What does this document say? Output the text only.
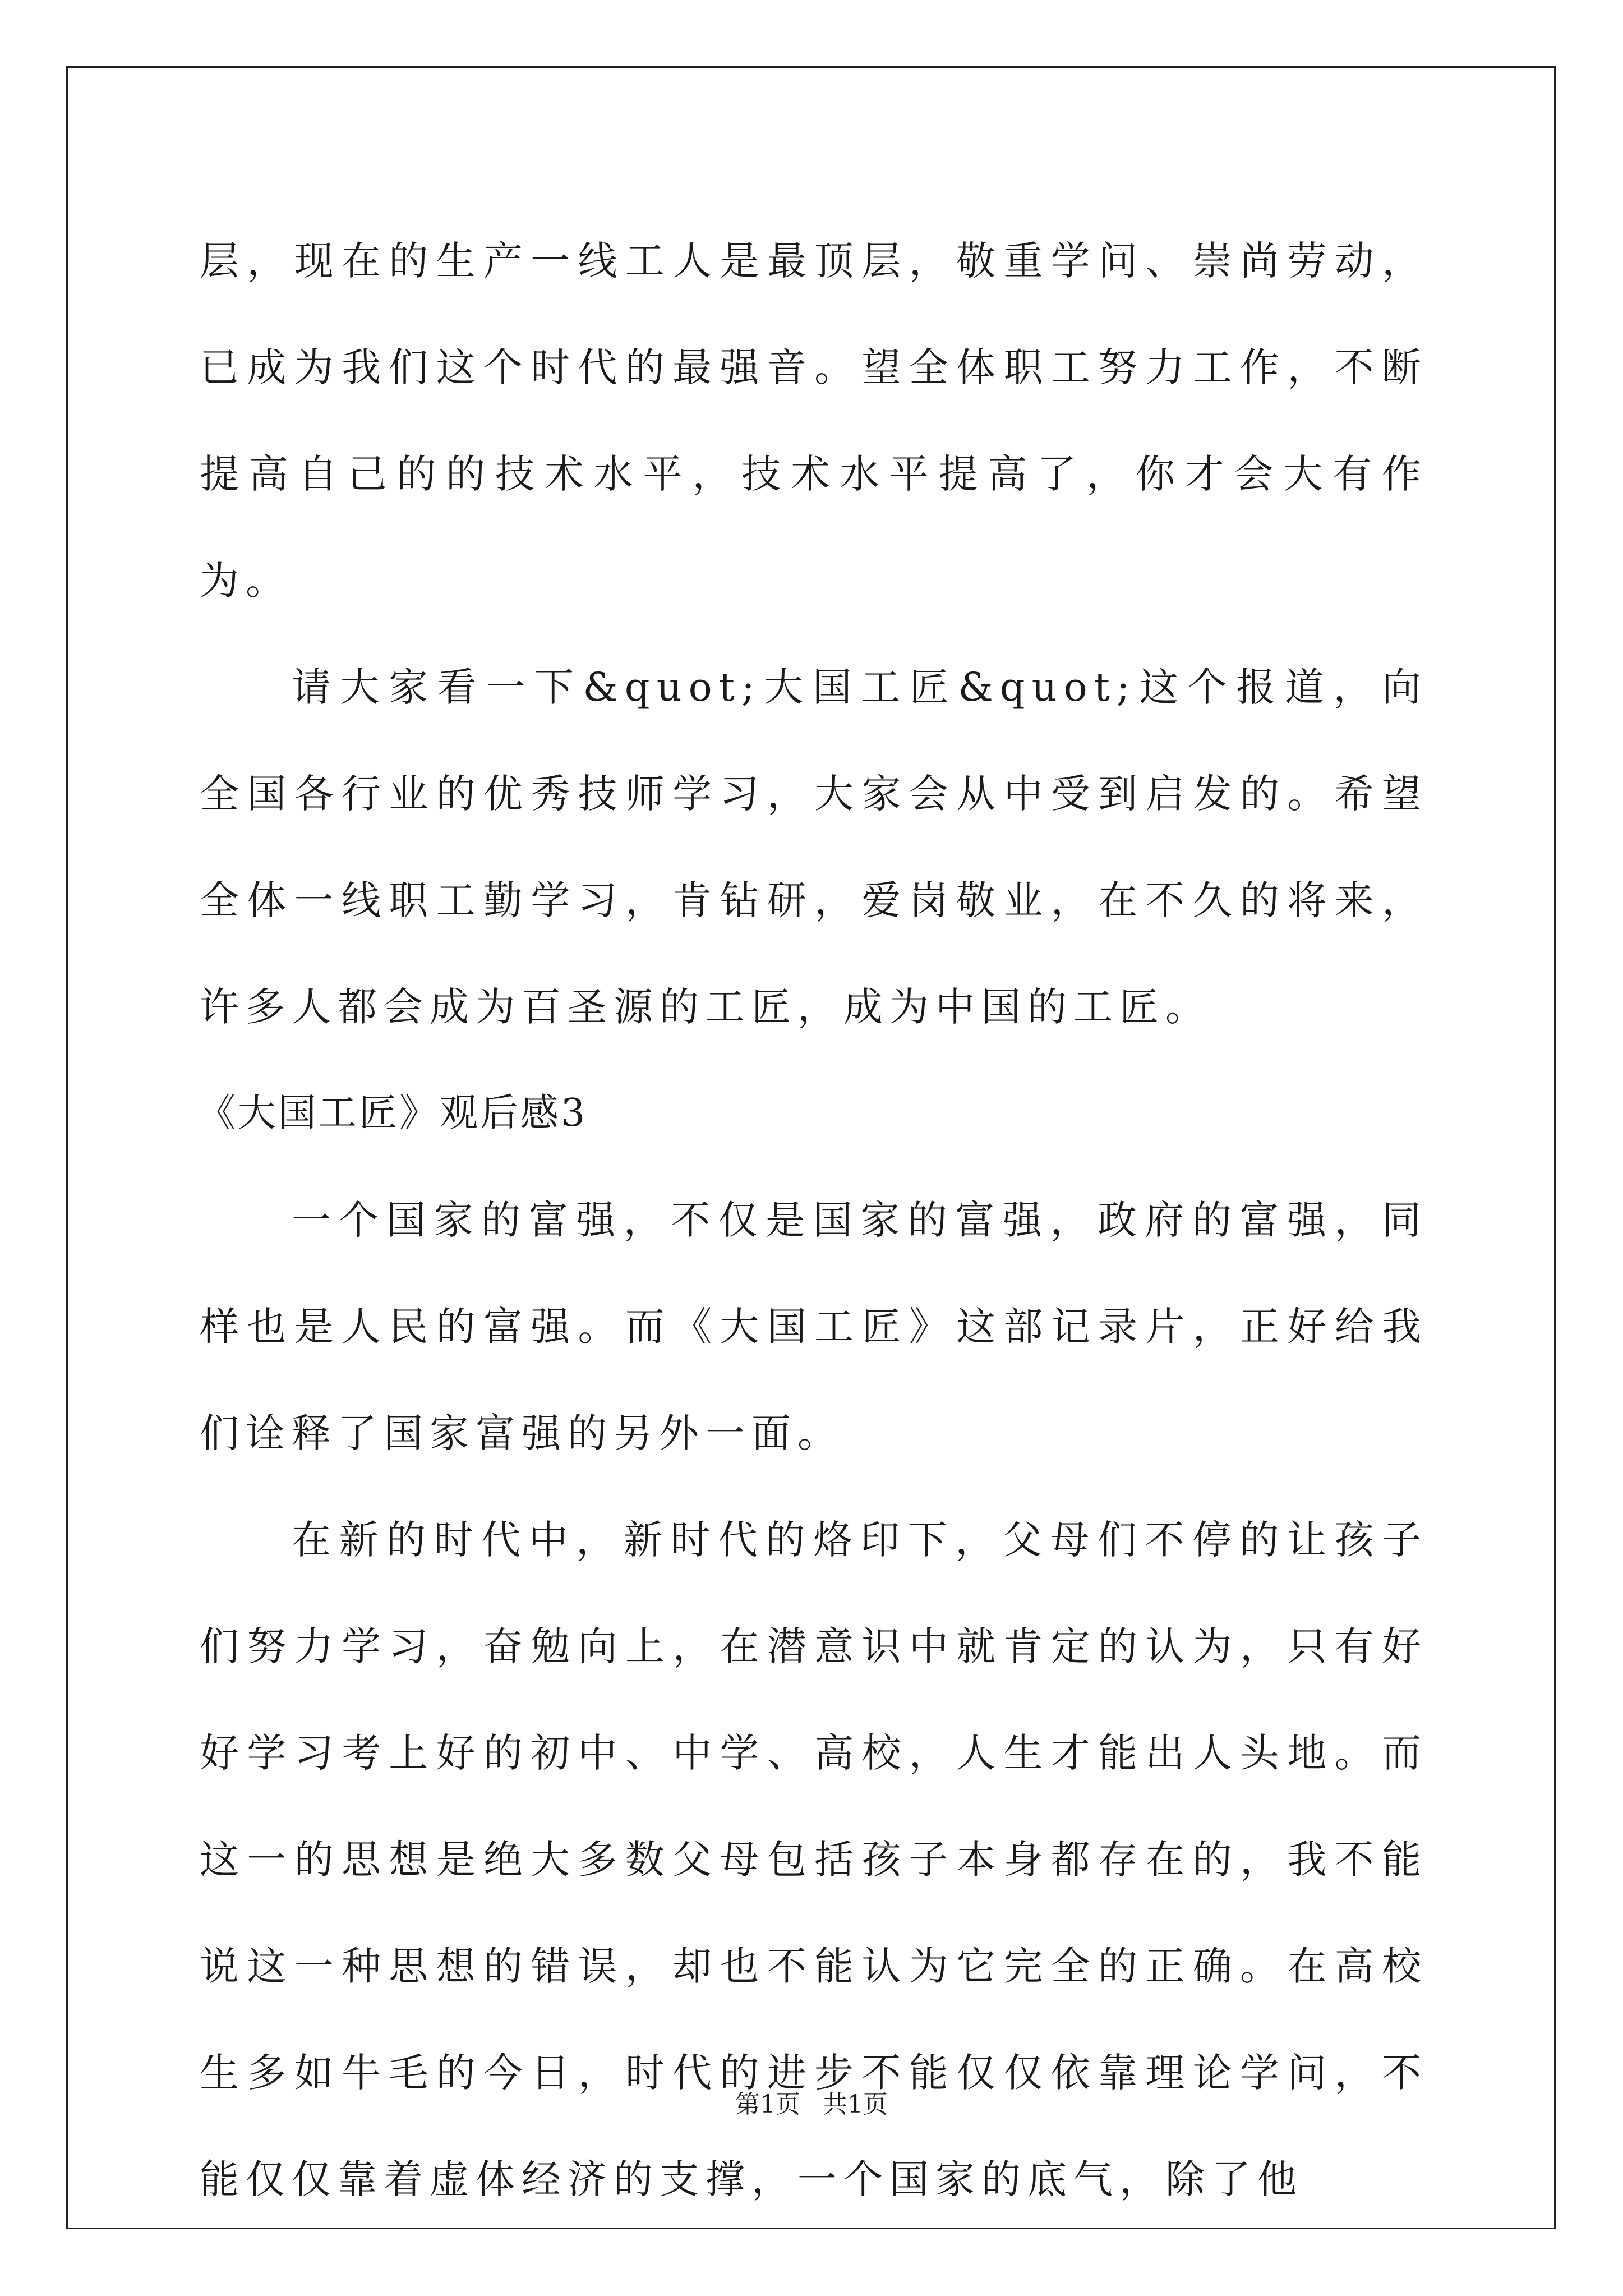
层，现在的生产一线工人是最顶层，敬重学问、崇尚劳动，已成为我们这个时代的最强音。望全体职工努力工作，不断提高自己的的技术水平，技术水平提高了，你才会大有作为。

请大家看一下&quot;大国工匠&quot;这个报道，向全国各行业的优秀技师学习，大家会从中受到启发的。希望全体一线职工勤学习，肯钻研，爱岗敬业，在不久的将来，许多人都会成为百圣源的工匠，成为中国的工匠。

《大国工匠》观后感3

一个国家的富强，不仅是国家的富强，政府的富强，同样也是人民的富强。而《大国工匠》这部记录片，正好给我们诠释了国家富强的另外一面。

在新的时代中，新时代的烙印下，父母们不停的让孩子们努力学习，奋勉向上，在潜意识中就肯定的认为，只有好好学习考上好的初中、中学、高校，人生才能出人头地。而这一的思想是绝大多数父母包括孩子本身都存在的，我不能说这一种思想的错误，却也不能认为它完全的正确。在高校生多如牛毛的今日，时代的进步不能仅仅依靠理论学问，不能仅仅靠着虚体经济的支撑，一个国家的底气，除了他

第1页 共1页
